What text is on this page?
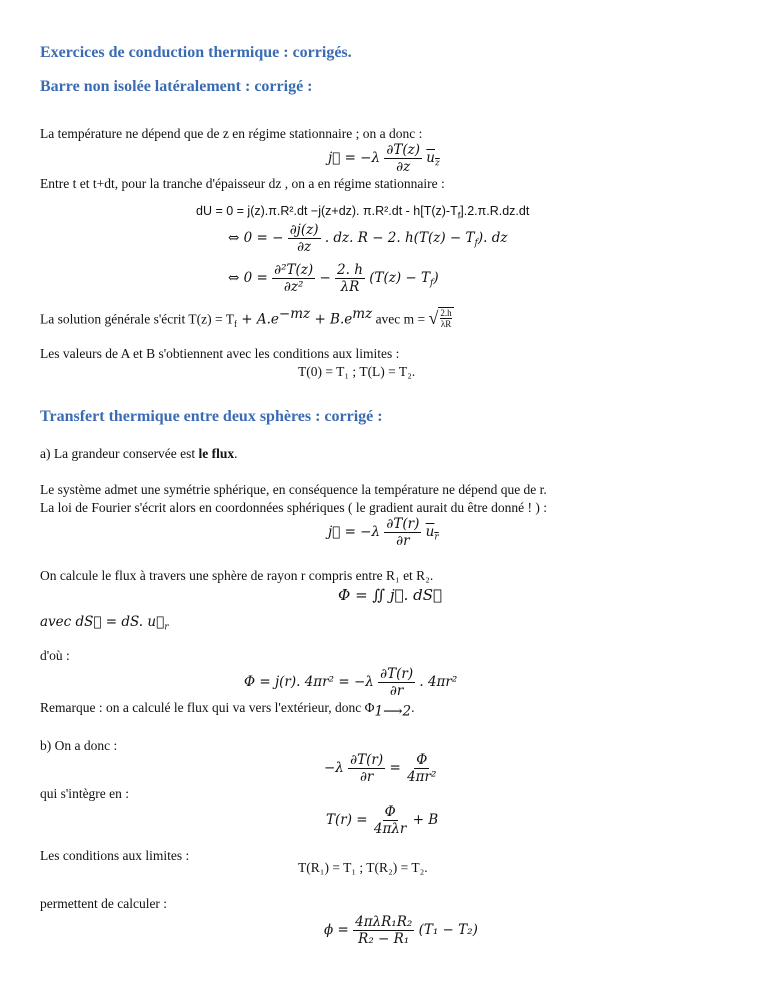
Exercices de conduction thermique : corrigés.
Barre non isolée latéralement : corrigé :
La température ne dépend que de z en régime stationnaire ; on a donc :
j⃗ = $-\lambda \frac{\partial T(z)}{\partial z} u_z$
Entre t et t+dt, pour la tranche d'épaisseur dz , on a en régime stationnaire :
dU = 0 = j(z).π.R².dt −j(z+dz). $\pi.R^2.dt - h[T(z)-T_f].2.\pi.R.dz.dt$
⇔ 0 = − $\frac{\partial j(z)}{\partial z}$ . dz. R − 2. $h(T(z) - T_f)$. dz
⇔ $0 = \frac{\text{∂²T(z)}}{\text{∂z²}} - \frac{2. h}{\lambda R} (T(z) - T_f)$
La solution générale s'écrit $T(z) = T_f + A.e^{-mz} + B.e^{mz}$ avec m = √ 2.h
λR
Les valeurs de A et B s'obtiennent avec les conditions aux limites :
T(0) = T₁ ; T(L) = T₂.
Transfert thermique entre deux sphères : corrigé :
a) La grandeur conservée est le flux.
Le système admet une symétrie sphérique, en conséquence la température ne dépend que de r.
La loi de Fourier s'écrit alors en coordonnées sphériques ( le gradient aurait du être donné ! ) :
j⃗ = $-\lambda \frac{\partial T(r)}{\partial r} u_r$
On calcule le flux à travers une sphère de rayon r compris entre R₁ et R₂.
Φ = ∬ j⃗. dS⃗
avec dS⃗ = dS. $u⃗_r$
d'où :
Φ = j(r). $4\pi r^2 = -\lambda \frac{\partial T(r)}{\partial r}$ . 4πr²
Remarque : on a calculé le flux qui va vers l'extérieur, donc $\Phi_{1⟶2}$.
b) On a donc :
$-\lambda \frac{\partial T(r)}{\partial r} = \frac{\Phi}{\text{4πr²}}$
qui s'intègre en :
$T(r) = \frac{\Phi}{\text{4πλr}} + B$
Les conditions aux limites :
T(R₁) = T₁ ; T(R₂) = T₂.
permettent de calculer :
$\phi = \frac{\text{4πλR₁R₂}}{\text{R₂ − R₁}} (T_1 - T_2)$
